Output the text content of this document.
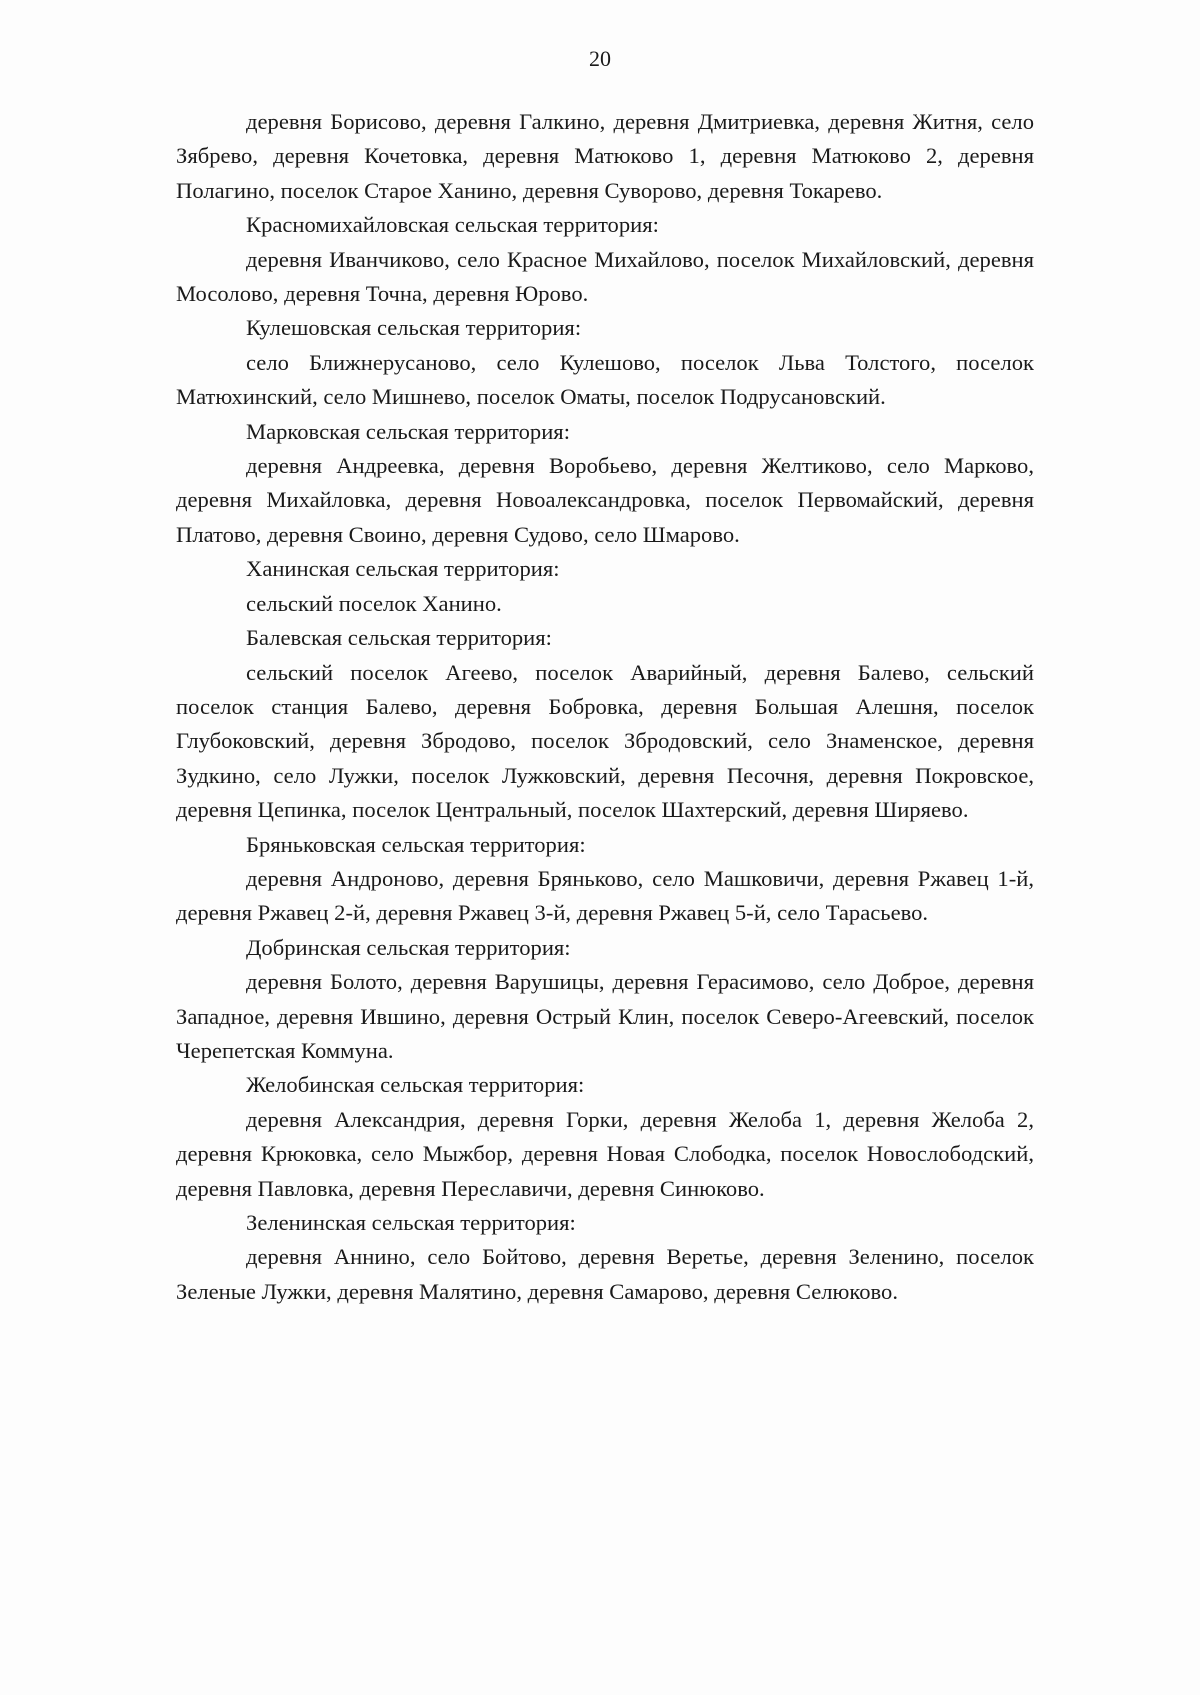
20

деревня Борисово, деревня Галкино, деревня Дмитриевка, деревня Житня, село Зябрево, деревня Кочетовка, деревня Матюково 1, деревня Матюково 2, деревня Полагино, поселок Старое Ханино, деревня Суворово, деревня Токарево.

Красномихайловская сельская территория:

деревня Иванчиково, село Красное Михайлово, поселок Михайловский, деревня Мосолово, деревня Точна, деревня Юрово.

Кулешовская сельская территория:

село Ближнерусаново, село Кулешово, поселок Льва Толстого, поселок Матюхинский, село Мишнево, поселок Оматы, поселок Подрусановский.

Марковская сельская территория:

деревня Андреевка, деревня Воробьево, деревня Желтиково, село Марково, деревня Михайловка, деревня Новоалександровка, поселок Первомайский, деревня Платово, деревня Своино, деревня Судово, село Шмарово.

Ханинская сельская территория:

сельский поселок Ханино.

Балевская сельская территория:

сельский поселок Агеево, поселок Аварийный, деревня Балево, сельский поселок станция Балево, деревня Бобровка, деревня Большая Алешня, поселок Глубоковский, деревня Збродово, поселок Збродовский, село Знаменское, деревня Зудкино, село Лужки, поселок Лужковский, деревня Песочня, деревня Покровское, деревня Цепинка, поселок Центральный, поселок Шахтерский, деревня Ширяево.

Бряньковская сельская территория:

деревня Андроново, деревня Бряньково, село Машковичи, деревня Ржавец 1-й, деревня Ржавец 2-й, деревня Ржавец 3-й, деревня Ржавец 5-й, село Тарасьево.

Добринская сельская территория:

деревня Болото, деревня Варушицы, деревня Герасимово, село Доброе, деревня Западное, деревня Ившино, деревня Острый Клин, поселок Северо-Агеевский, поселок Черепетская Коммуна.

Желобинская сельская территория:

деревня Александрия, деревня Горки, деревня Желоба 1, деревня Желоба 2, деревня Крюковка, село Мыжбор, деревня Новая Слободка, поселок Новослободский, деревня Павловка, деревня Переславичи, деревня Синюково.

Зеленинская сельская территория:

деревня Аннино, село Бойтово, деревня Веретье, деревня Зеленино, поселок Зеленые Лужки, деревня Малятино, деревня Самарово, деревня Селюково.
